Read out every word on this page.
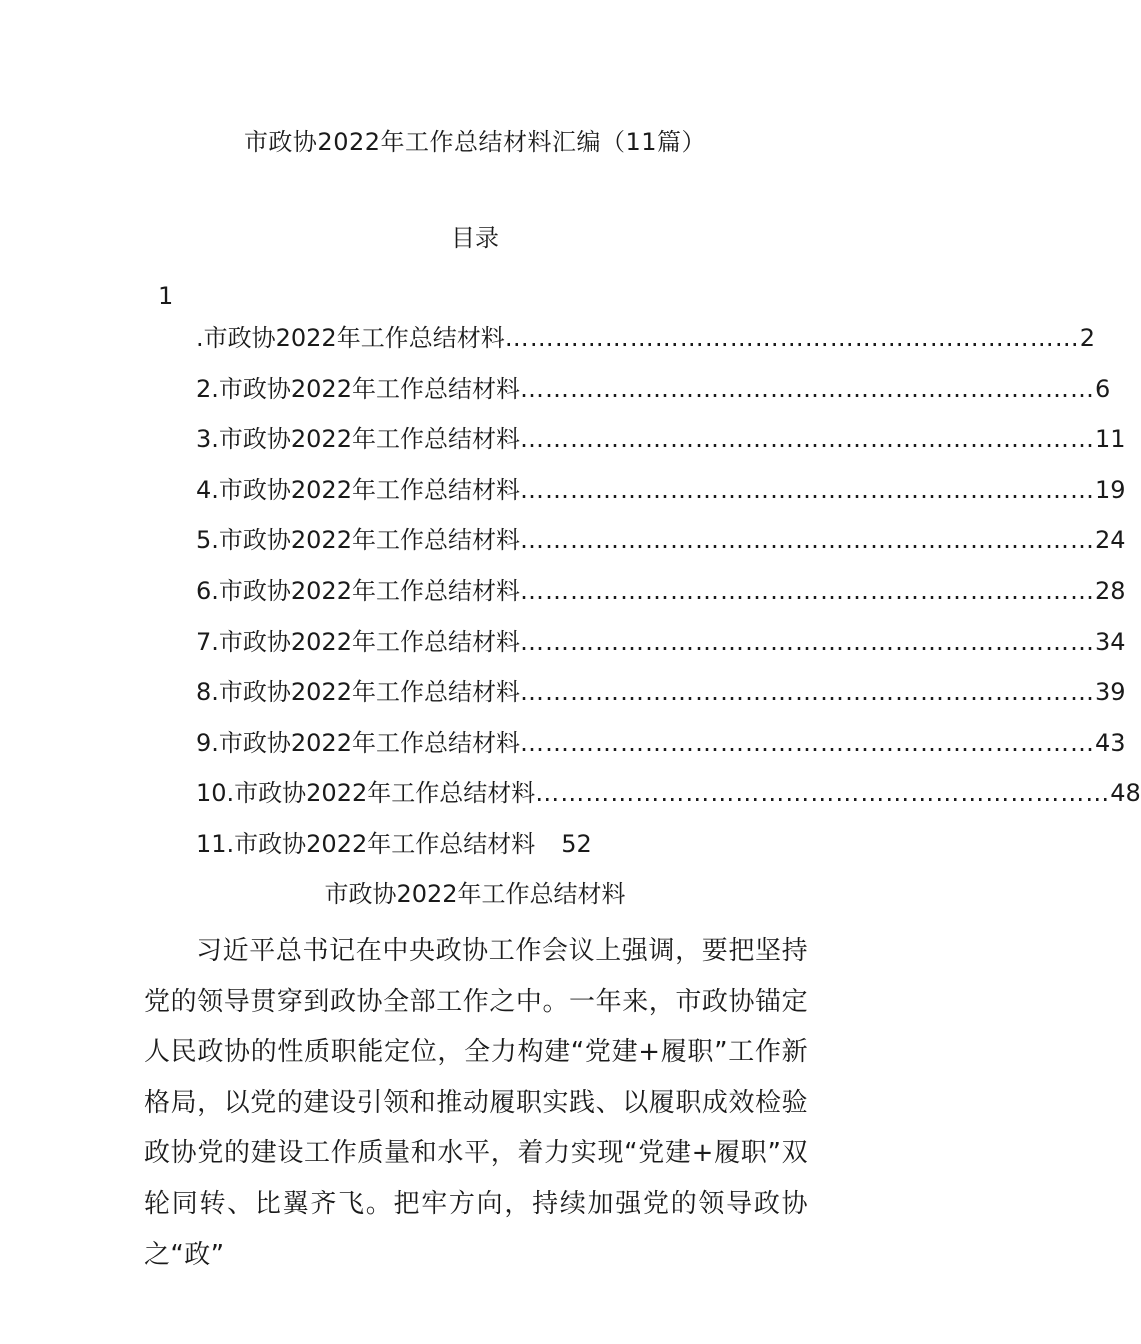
市政协2022年工作总结材料汇编（11篇）
目录
1
.市政协2022年工作总结材料 …………………………………………………………… 2
2.市政协2022年工作总结材料 …………………………………………………………… 6
3.市政协2022年工作总结材料 …………………………………………………………… 11
4.市政协2022年工作总结材料 …………………………………………………………… 19
5.市政协2022年工作总结材料 …………………………………………………………… 24
6.市政协2022年工作总结材料 …………………………………………………………… 28
7.市政协2022年工作总结材料 …………………………………………………………… 34
8.市政协2022年工作总结材料 …………………………………………………………… 39
9.市政协2022年工作总结材料 …………………………………………………………… 43
10.市政协2022年工作总结材料 …………………………………………………………… 48
11.市政协2022年工作总结材料 52
市政协2022年工作总结材料

习近平总书记在中央政协工作会议上强调，要把坚持党的领导贯穿到政协全部工作之中。一年来，市政协锚定人民政协的性质职能定位，全力构建“党建+履职”工作新格局，以党的建设引领和推动履职实践、以履职成效检验政协党的建设工作质量和水平，着力实现“党建+履职”双轮同转、比翼齐飞。把牢方向，持续加强党的领导政协之“政”
